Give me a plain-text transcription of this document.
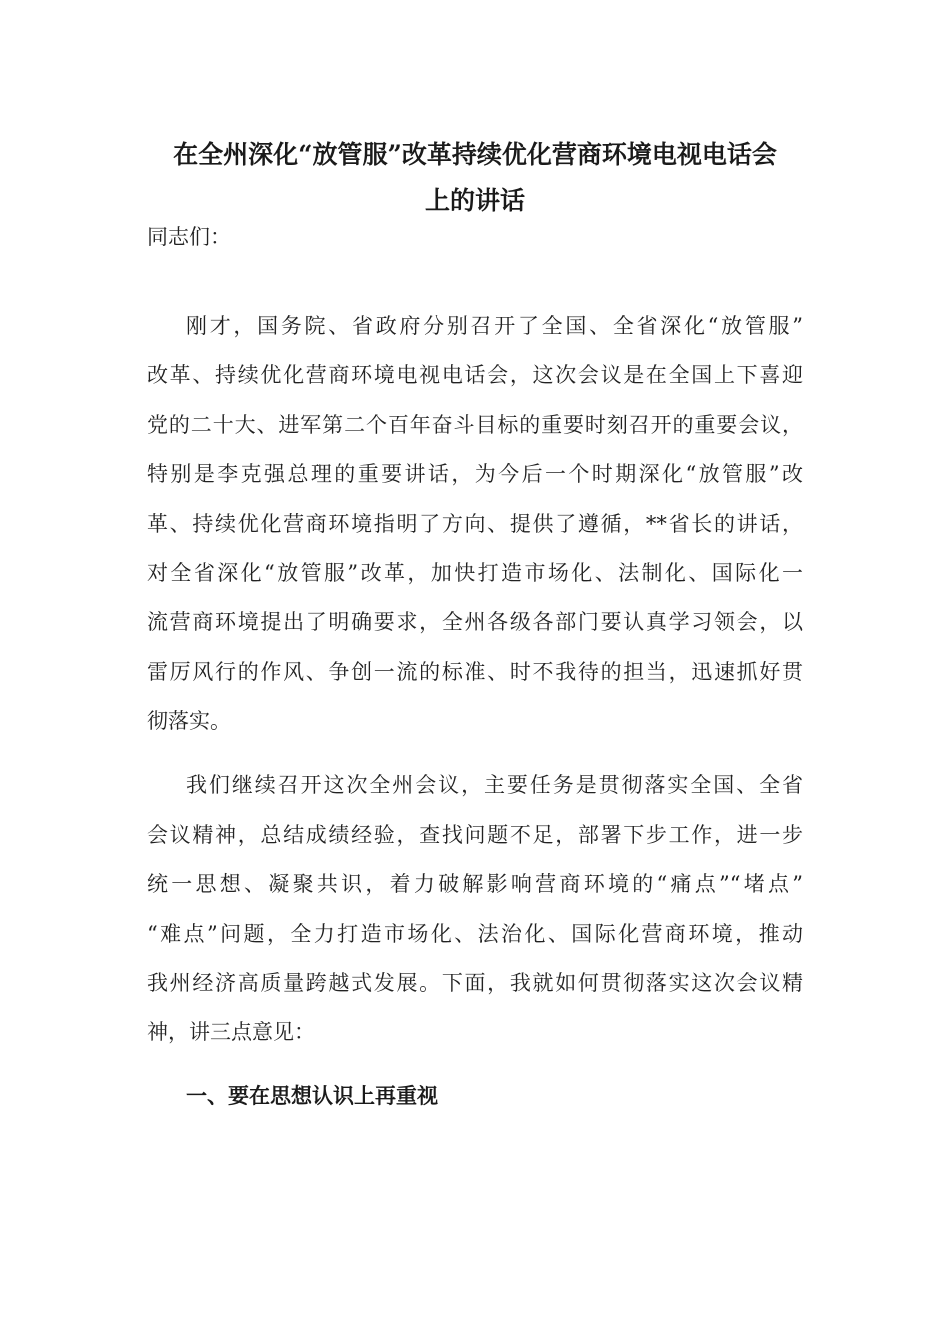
在全州深化“放管服”改革持续优化营商环境电视电话会
上的讲话
同志们：
刚才，国务院、省政府分别召开了全国、全省深化“放管服”
改革、持续优化营商环境电视电话会，这次会议是在全国上下喜迎
党的二十大、进军第二个百年奋斗目标的重要时刻召开的重要会议，
特别是李克强总理的重要讲话，为今后一个时期深化“放管服”改
革、持续优化营商环境指明了方向、提供了遵循，**省长的讲话，
对全省深化“放管服”改革，加快打造市场化、法制化、国际化一
流营商环境提出了明确要求，全州各级各部门要认真学习领会，以
雷厉风行的作风、争创一流的标准、时不我待的担当，迅速抓好贯
彻落实。
我们继续召开这次全州会议，主要任务是贯彻落实全国、全省
会议精神，总结成绩经验，查找问题不足，部署下步工作，进一步
统一思想、凝聚共识，着力破解影响营商环境的“痛点”“堵点”
“难点”问题，全力打造市场化、法治化、国际化营商环境，推动
我州经济高质量跨越式发展。下面，我就如何贯彻落实这次会议精
神，讲三点意见：
一、要在思想认识上再重视
